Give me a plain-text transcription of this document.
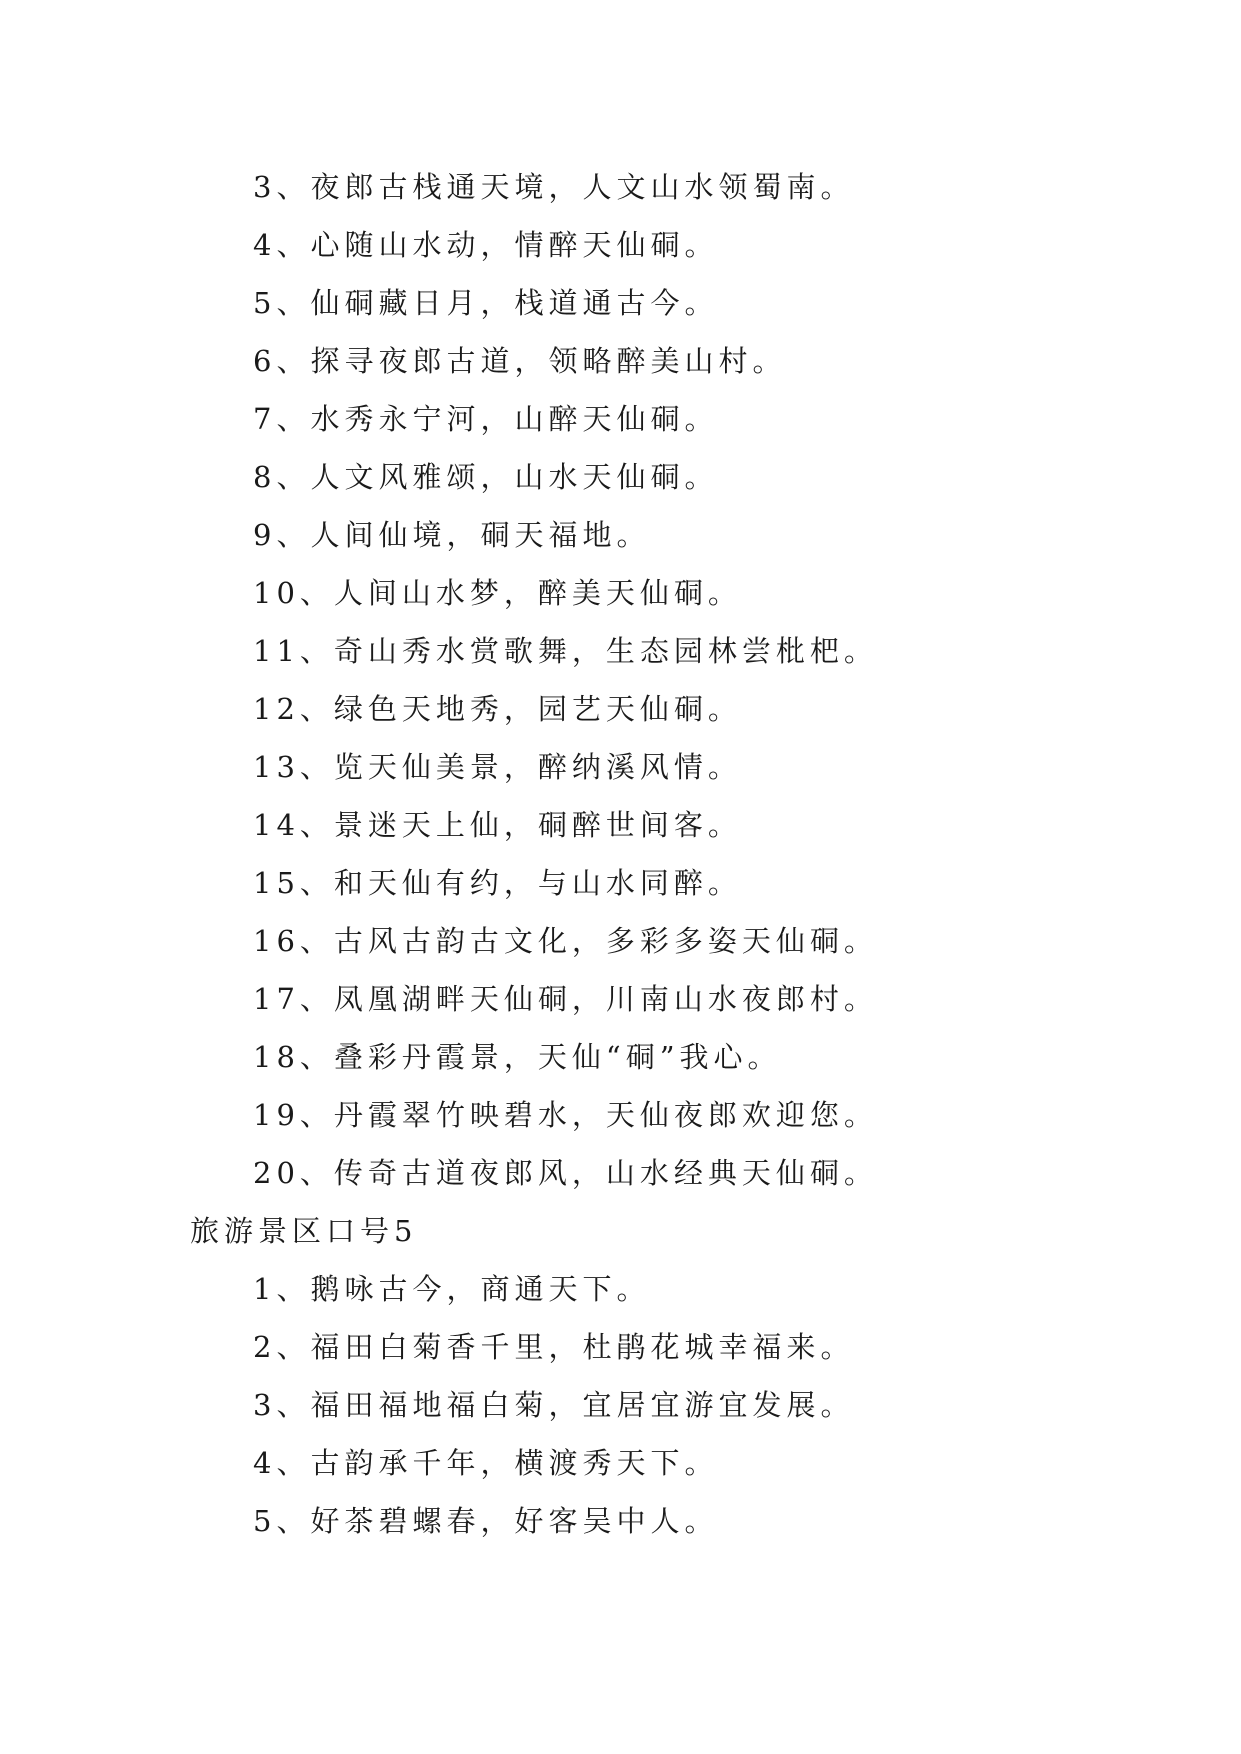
3、夜郎古栈通天境，人文山水领蜀南。
4、心随山水动，情醉天仙硐。
5、仙硐藏日月，栈道通古今。
6、探寻夜郎古道，领略醉美山村。
7、水秀永宁河，山醉天仙硐。
8、人文风雅颂，山水天仙硐。
9、人间仙境，硐天福地。
10、人间山水梦，醉美天仙硐。
11、奇山秀水赏歌舞，生态园林尝枇杷。
12、绿色天地秀，园艺天仙硐。
13、览天仙美景，醉纳溪风情。
14、景迷天上仙，硐醉世间客。
15、和天仙有约，与山水同醉。
16、古风古韵古文化，多彩多姿天仙硐。
17、凤凰湖畔天仙硐，川南山水夜郎村。
18、叠彩丹霞景，天仙“硐”我心。
19、丹霞翠竹映碧水，天仙夜郎欢迎您。
20、传奇古道夜郎风，山水经典天仙硐。
旅游景区口号5
1、鹅咏古今，商通天下。
2、福田白菊香千里，杜鹃花城幸福来。
3、福田福地福白菊，宜居宜游宜发展。
4、古韵承千年，横渡秀天下。
5、好茶碧螺春，好客吴中人。
